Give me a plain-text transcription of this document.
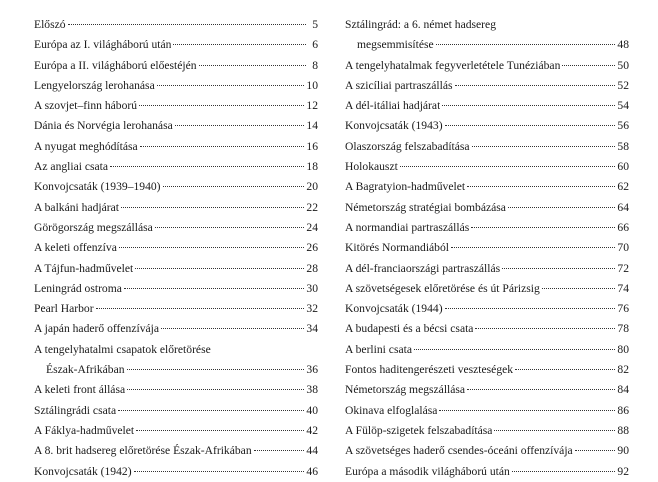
Előszó	5
Európa az I. világháború után	6
Európa a II. világháború előestéjén	8
Lengyelország lerohanása	10
A szovjet–finn háború	12
Dánia és Norvégia lerohanása	14
A nyugat meghódítása	16
Az angliai csata	18
Konvojcsaták (1939–1940)	20
A balkáni hadjárat	22
Görögország megszállása	24
A keleti offenzíva	26
A Tájfun-hadművelet	28
Leningrád ostroma	30
Pearl Harbor	32
A japán haderő offenzívája	34
A tengelyhatalmi csapatok előretörése
Észak-Afrikában	36
A keleti front állása	38
Sztálingrádi csata	40
A Fáklya-hadművelet	42
A 8. brit hadsereg előretörése Észak-Afrikában	44
Konvojcsaták (1942)	46
Sztálingrád: a 6. német hadsereg
megsemmisítése	48
A tengelyhatalmak fegyverletétele Tunéziában	50
A szicíliai partraszállás	52
A dél-itáliai hadjárat	54
Konvojcsaták (1943)	56
Olaszország felszabadítása	58
Holokauszt	60
A Bagratyion-hadművelet	62
Németország stratégiai bombázása	64
A normandiai partraszállás	66
Kitörés Normandiából	70
A dél-franciaországi partraszállás	72
A szövetségesek előretörése és út Párizsig	74
Konvojcsaták (1944)	76
A budapesti és a bécsi csata	78
A berlini csata	80
Fontos haditengerészeti veszteségek	82
Németország megszállása	84
Okinava elfoglalása	86
A Fülöp-szigetek felszabadítása	88
A szövetséges haderő csendes-óceáni offenzívája	90
Európa a második világháború után	92
